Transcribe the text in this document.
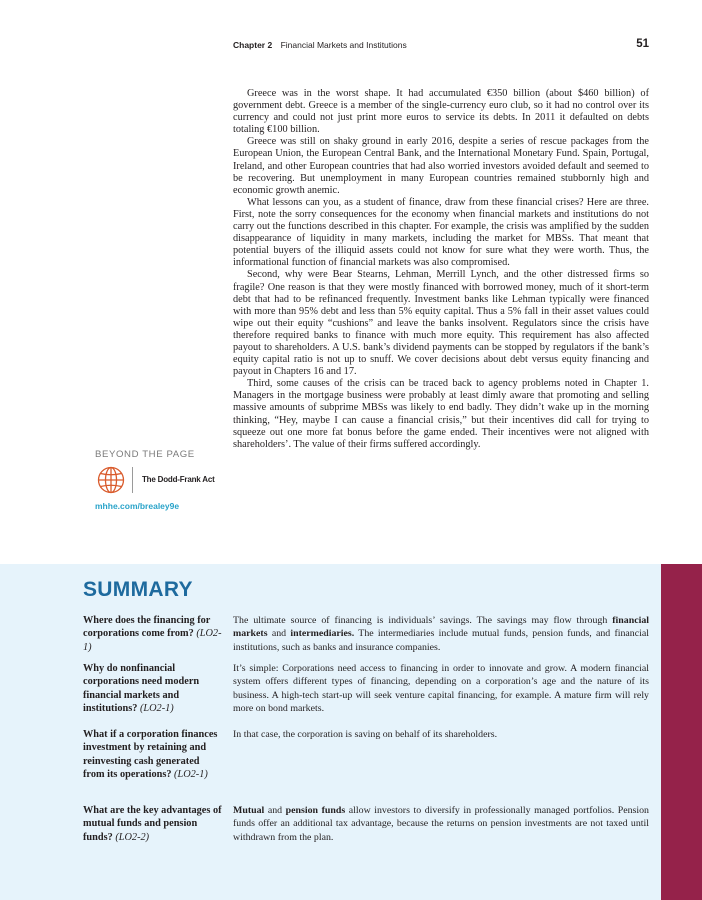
Chapter 2 Financial Markets and Institutions	51

Greece was in the worst shape. It had accumulated €350 billion (about $460 billion) of government debt. Greece is a member of the single-currency euro club, so it had no control over its currency and could not just print more euros to service its debts. In 2011 it defaulted on debts totaling €100 billion.

Greece was still on shaky ground in early 2016, despite a series of rescue packages from the European Union, the European Central Bank, and the International Monetary Fund. Spain, Portugal, Ireland, and other European countries that had also worried investors avoided default and seemed to be recovering. But unemployment in many European countries remained stubbornly high and economic growth anemic.

What lessons can you, as a student of finance, draw from these financial crises? Here are three. First, note the sorry consequences for the economy when financial markets and institutions do not carry out the functions described in this chapter. For example, the crisis was amplified by the sudden disappearance of liquidity in many markets, including the market for MBSs. That meant that potential buyers of the illiquid assets could not know for sure what they were worth. Thus, the informational function of financial markets was also compromised.

Second, why were Bear Stearns, Lehman, Merrill Lynch, and the other distressed firms so fragile? One reason is that they were mostly financed with borrowed money, much of it short-term debt that had to be refinanced frequently. Investment banks like Lehman typically were financed with more than 95% debt and less than 5% equity capital. Thus a 5% fall in their asset values could wipe out their equity “cushions” and leave the banks insolvent. Regulators since the crisis have therefore required banks to finance with much more equity. This requirement has also affected payout to shareholders. A U.S. bank’s dividend payments can be stopped by regulators if the bank’s equity capital ratio is not up to snuff. We cover decisions about debt versus equity financing and payout in Chapters 16 and 17.

Third, some causes of the crisis can be traced back to agency problems noted in Chapter 1. Managers in the mortgage business were probably at least dimly aware that promoting and selling massive amounts of subprime MBSs was likely to end badly. They didn’t wake up in the morning thinking, “Hey, maybe I can cause a financial crisis,” but their incentives did call for trying to squeeze out one more fat bonus before the game ended. Their incentives were not aligned with shareholders’. The value of their firms suffered accordingly.

BEYOND THE PAGE
The Dodd-Frank Act
mhhe.com/brealey9e
SUMMARY
Where does the financing for corporations come from? (LO2-1)
The ultimate source of financing is individuals’ savings. The savings may flow through financial markets and intermediaries. The intermediaries include mutual funds, pension funds, and financial institutions, such as banks and insurance companies.
Why do nonfinancial corporations need modern financial markets and institutions? (LO2-1)
It’s simple: Corporations need access to financing in order to innovate and grow. A modern financial system offers different types of financing, depending on a corporation’s age and the nature of its business. A high-tech start-up will seek venture capital financing, for example. A mature firm will rely more on bond markets.
What if a corporation finances investment by retaining and reinvesting cash generated from its operations? (LO2-1)
In that case, the corporation is saving on behalf of its shareholders.
What are the key advantages of mutual funds and pension funds? (LO2-2)
Mutual and pension funds allow investors to diversify in professionally managed portfolios. Pension funds offer an additional tax advantage, because the returns on pension investments are not taxed until withdrawn from the plan.
